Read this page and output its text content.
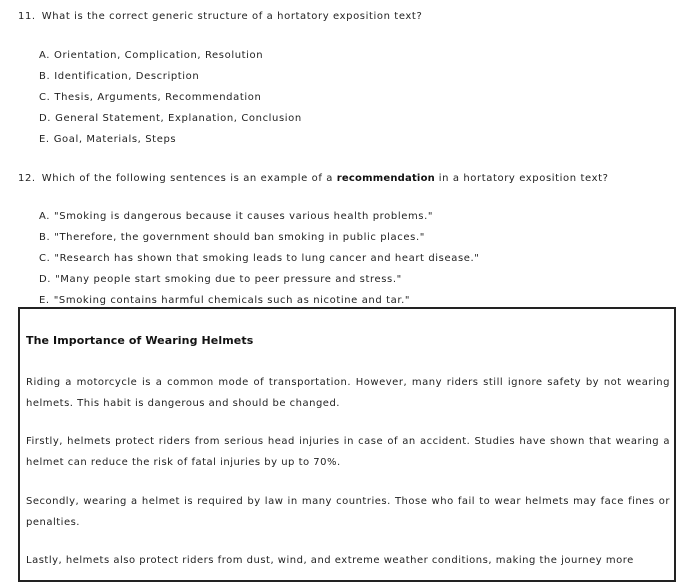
11. What is the correct generic structure of a hortatory exposition text?
A. Orientation, Complication, Resolution
B. Identification, Description
C. Thesis, Arguments, Recommendation
D. General Statement, Explanation, Conclusion
E. Goal, Materials, Steps
12. Which of the following sentences is an example of a recommendation in a hortatory exposition text?
A. "Smoking is dangerous because it causes various health problems."
B. "Therefore, the government should ban smoking in public places."
C. "Research has shown that smoking leads to lung cancer and heart disease."
D. "Many people start smoking due to peer pressure and stress."
E. "Smoking contains harmful chemicals such as nicotine and tar."
The Importance of Wearing Helmets

Riding a motorcycle is a common mode of transportation. However, many riders still ignore safety by not wearing helmets. This habit is dangerous and should be changed.

Firstly, helmets protect riders from serious head injuries in case of an accident. Studies have shown that wearing a helmet can reduce the risk of fatal injuries by up to 70%.

Secondly, wearing a helmet is required by law in many countries. Those who fail to wear helmets may face fines or penalties.

Lastly, helmets also protect riders from dust, wind, and extreme weather conditions, making the journey more
